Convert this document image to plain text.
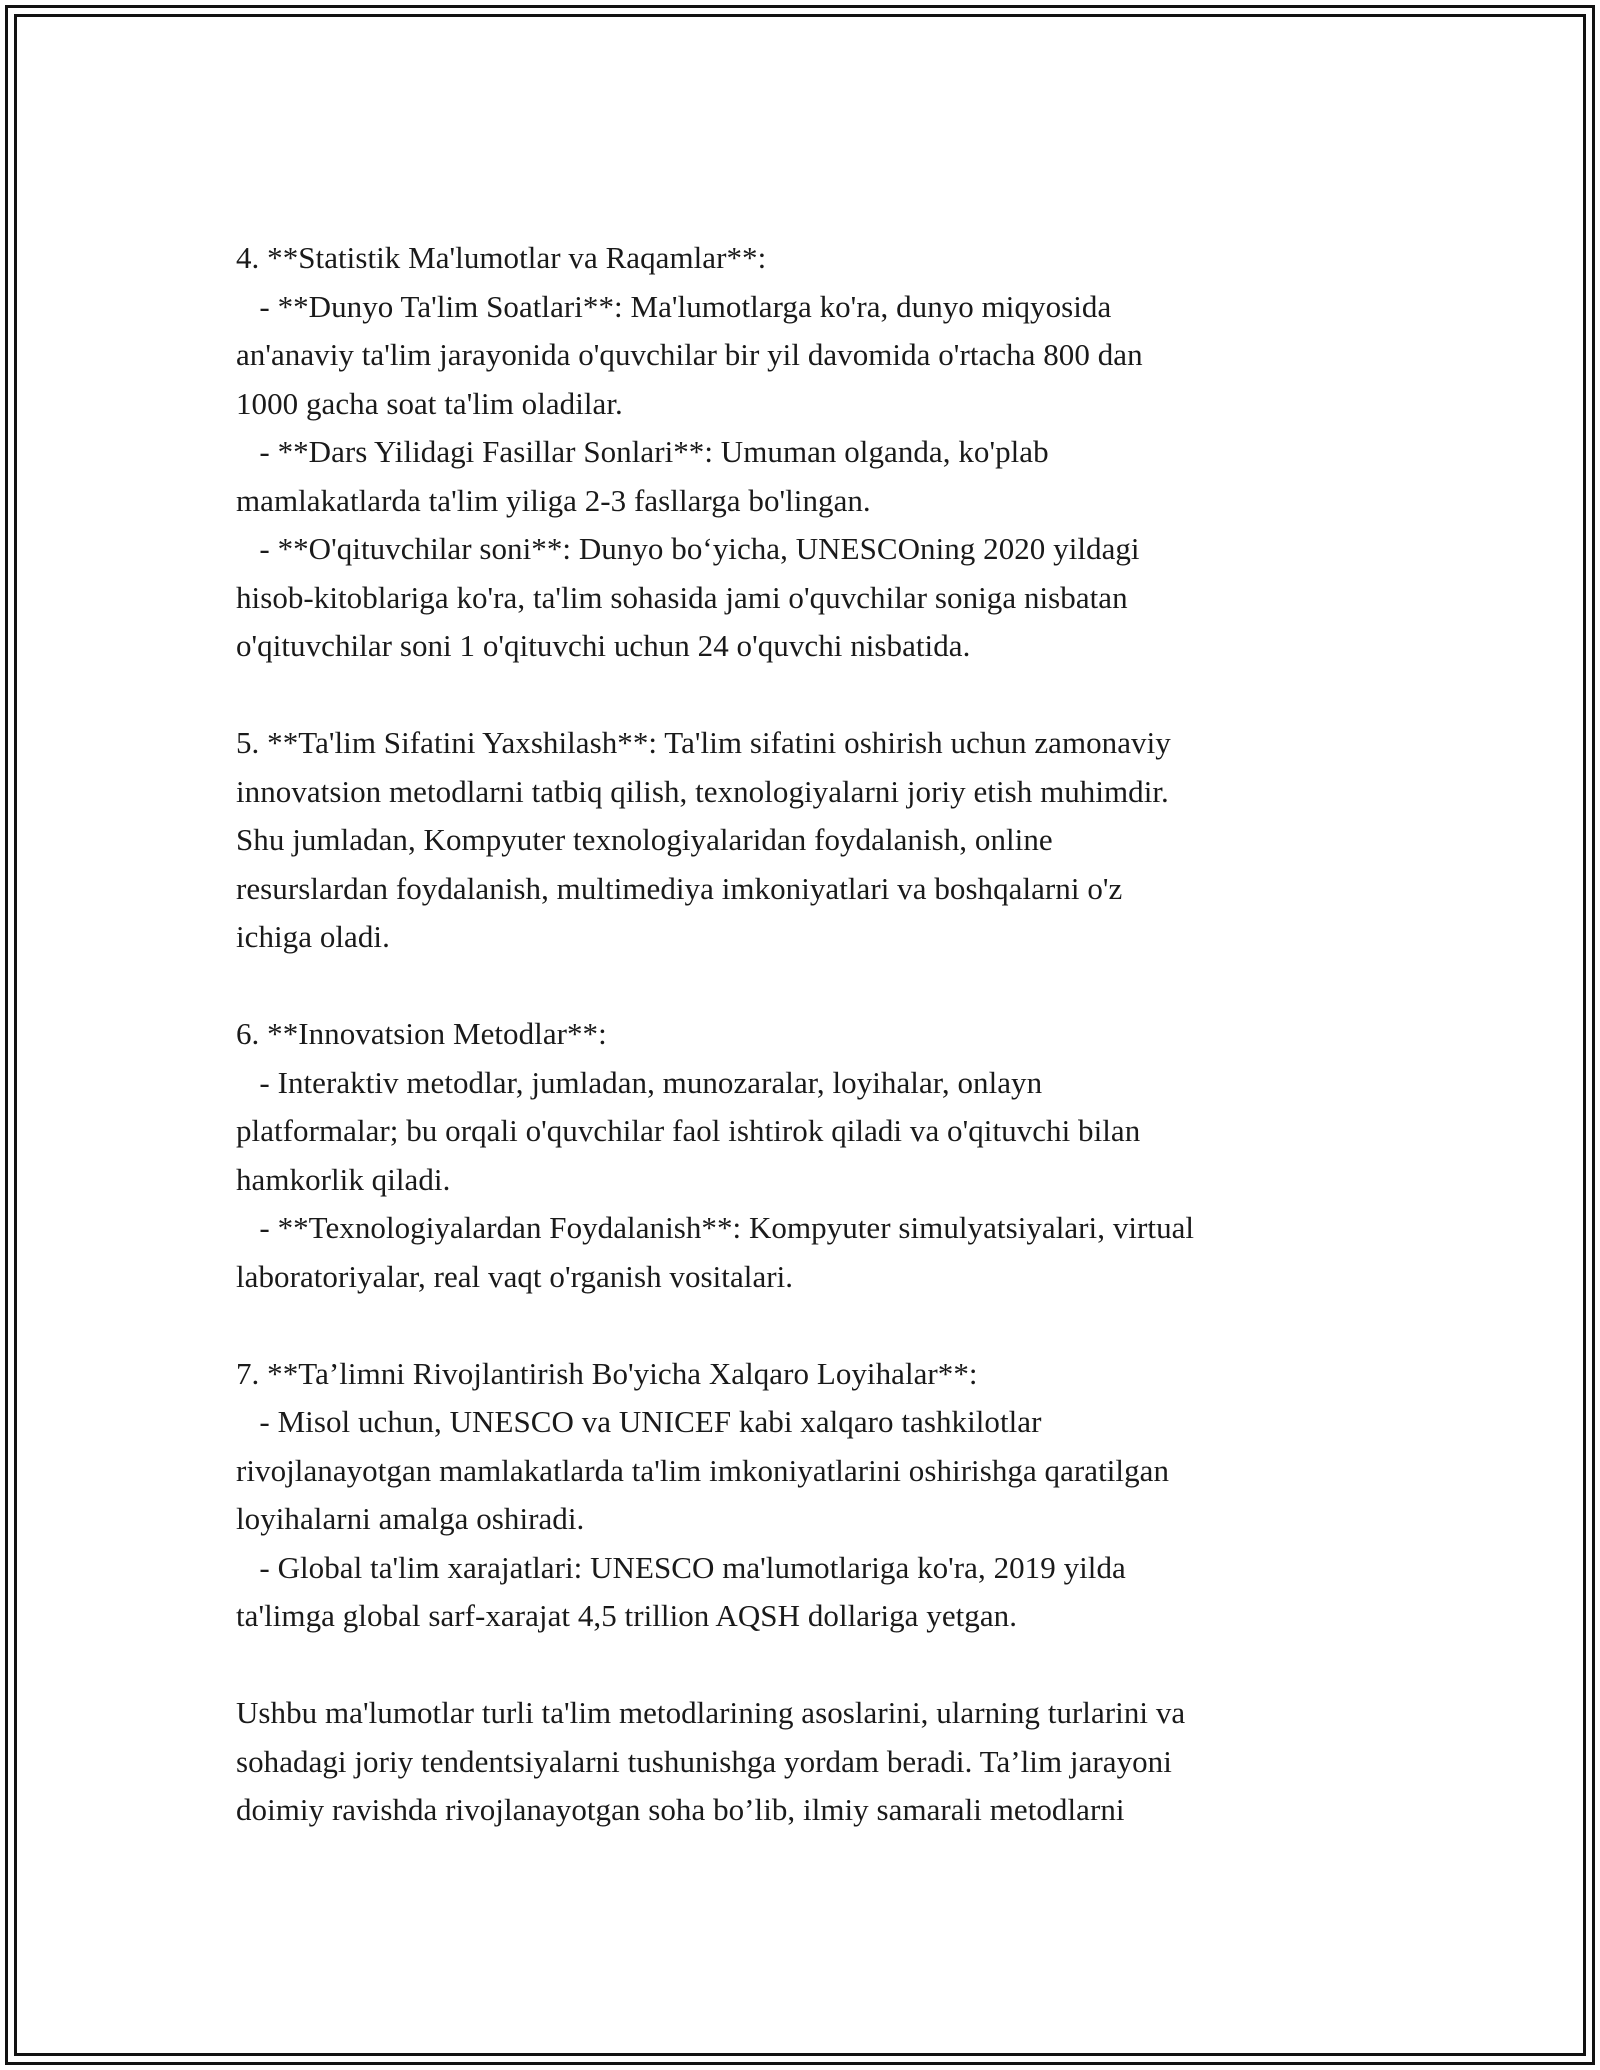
4. **Statistik Ma'lumotlar va Raqamlar**:
- **Dunyo Ta'lim Soatlari**: Ma'lumotlarga ko'ra, dunyo miqyosida
an'anaviy ta'lim jarayonida o'quvchilar bir yil davomida o'rtacha 800 dan
1000 gacha soat ta'lim oladilar.
- **Dars Yilidagi Fasillar Sonlari**: Umuman olganda, ko'plab
mamlakatlarda ta'lim yiliga 2-3 fasllarga bo'lingan.
- **O'qituvchilar soni**: Dunyo bo‘yicha, UNESCOning 2020 yildagi
hisob-kitoblariga ko'ra, ta'lim sohasida jami o'quvchilar soniga nisbatan
o'qituvchilar soni 1 o'qituvchi uchun 24 o'quvchi nisbatida.
5. **Ta'lim Sifatini Yaxshilash**: Ta'lim sifatini oshirish uchun zamonaviy
innovatsion metodlarni tatbiq qilish, texnologiyalarni joriy etish muhimdir.
Shu jumladan, Kompyuter texnologiyalaridan foydalanish, online
resurslardan foydalanish, multimediya imkoniyatlari va boshqalarni o'z
ichiga oladi.
6. **Innovatsion Metodlar**:
- Interaktiv metodlar, jumladan, munozaralar, loyihalar, onlayn
platformalar; bu orqali o'quvchilar faol ishtirok qiladi va o'qituvchi bilan
hamkorlik qiladi.
- **Texnologiyalardan Foydalanish**: Kompyuter simulyatsiyalari, virtual
laboratoriyalar, real vaqt o'rganish vositalari.
7. **Ta’limni Rivojlantirish Bo'yicha Xalqaro Loyihalar**:
- Misol uchun, UNESCO va UNICEF kabi xalqaro tashkilotlar
rivojlanayotgan mamlakatlarda ta'lim imkoniyatlarini oshirishga qaratilgan
loyihalarni amalga oshiradi.
- Global ta'lim xarajatlari: UNESCO ma'lumotlariga ko'ra, 2019 yilda
ta'limga global sarf-xarajat 4,5 trillion AQSH dollariga yetgan.
Ushbu ma'lumotlar turli ta'lim metodlarining asoslarini, ularning turlarini va
sohadagi joriy tendentsiyalarni tushunishga yordam beradi. Ta’lim jarayoni
doimiy ravishda rivojlanayotgan soha bo’lib, ilmiy samarali metodlarni
